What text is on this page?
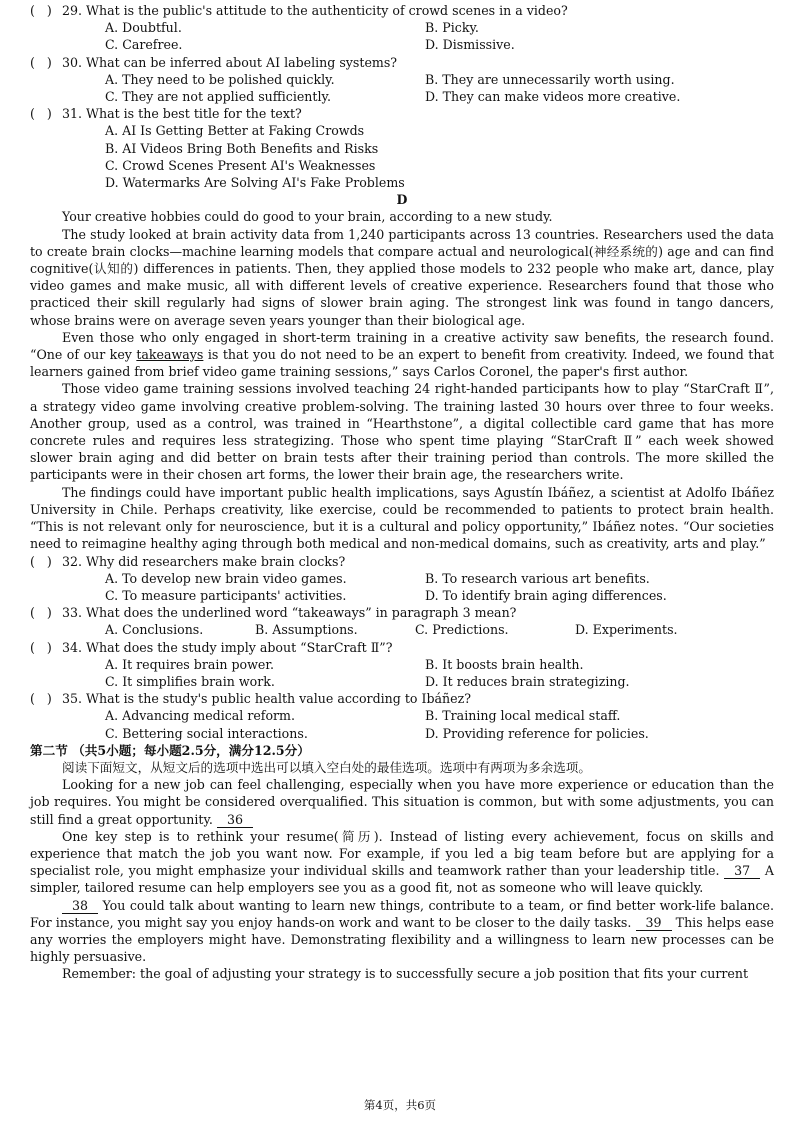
(   ) 29. What is the public's attitude to the authenticity of crowd scenes in a video?
A. Doubtful.	B. Picky.
C. Carefree.	D. Dismissive.
(   ) 30. What can be inferred about AI labeling systems?
A. They need to be polished quickly.	B. They are unnecessarily worth using.
C. They are not applied sufficiently.	D. They can make videos more creative.
(   ) 31. What is the best title for the text?
A. AI Is Getting Better at Faking Crowds
B. AI Videos Bring Both Benefits and Risks
C. Crowd Scenes Present AI's Weaknesses
D. Watermarks Are Solving AI's Fake Problems
D

Your creative hobbies could do good to your brain, according to a new study.

The study looked at brain activity data from 1,240 participants across 13 countries. Researchers used the data to create brain clocks—machine learning models that compare actual and neurological(神经系统的) age and can find cognitive(认知的) differences in patients. Then, they applied those models to 232 people who make art, dance, play video games and make music, all with different levels of creative experience. Researchers found that those who practiced their skill regularly had signs of slower brain aging. The strongest link was found in tango dancers, whose brains were on average seven years younger than their biological age.

Even those who only engaged in short-term training in a creative activity saw benefits, the research found. “One of our key takeaways is that you do not need to be an expert to benefit from creativity. Indeed, we found that learners gained from brief video game training sessions,” says Carlos Coronel, the paper's first author.

Those video game training sessions involved teaching 24 right-handed participants how to play “StarCraft Ⅱ”, a strategy video game involving creative problem-solving. The training lasted 30 hours over three to four weeks. Another group, used as a control, was trained in “Hearthstone”, a digital collectible card game that has more concrete rules and requires less strategizing. Those who spent time playing “StarCraft Ⅱ” each week showed slower brain aging and did better on brain tests after their training period than controls. The more skilled the participants were in their chosen art forms, the lower their brain age, the researchers write.

The findings could have important public health implications, says Agustín Ibáñez, a scientist at Adolfo Ibáñez University in Chile. Perhaps creativity, like exercise, could be recommended to patients to protect brain health. “This is not relevant only for neuroscience, but it is a cultural and policy opportunity,” Ibáñez notes. “Our societies need to reimagine healthy aging through both medical and non-medical domains, such as creativity, arts and play.”

(   ) 32. Why did researchers make brain clocks?
A. To develop new brain video games.	B. To research various art benefits.
C. To measure participants' activities.	D. To identify brain aging differences.
(   ) 33. What does the underlined word “takeaways” in paragraph 3 mean?
A. Conclusions.	B. Assumptions.	C. Predictions.	D. Experiments.
(   ) 34. What does the study imply about “StarCraft Ⅱ”?
A. It requires brain power.	B. It boosts brain health.
C. It simplifies brain work.	D. It reduces brain strategizing.
(   ) 35. What is the study's public health value according to Ibáñez?
A. Advancing medical reform.	B. Training local medical staff.
C. Bettering social interactions.	D. Providing reference for policies.
第二节 （共5小题；每小题2.5分，满分12.5分）

阅读下面短文，从短文后的选项中选出可以填入空白处的最佳选项。选项中有两项为多余选项。

Looking for a new job can feel challenging, especially when you have more experience or education than the job requires. You might be considered overqualified. This situation is common, but with some adjustments, you can still find a great opportunity. 36

One key step is to rethink your resume(简历). Instead of listing every achievement, focus on skills and experience that match the job you want now. For example, if you led a big team before but are applying for a specialist role, you might emphasize your individual skills and teamwork rather than your leadership title. 37 A simpler, tailored resume can help employers see you as a good fit, not as someone who will leave quickly.

38 You could talk about wanting to learn new things, contribute to a team, or find better work-life balance. For instance, you might say you enjoy hands-on work and want to be closer to the daily tasks. 39 This helps ease any worries the employers might have. Demonstrating flexibility and a willingness to learn new processes can be highly persuasive.

Remember: the goal of adjusting your strategy is to successfully secure a job position that fits your current

第4页，共6页
